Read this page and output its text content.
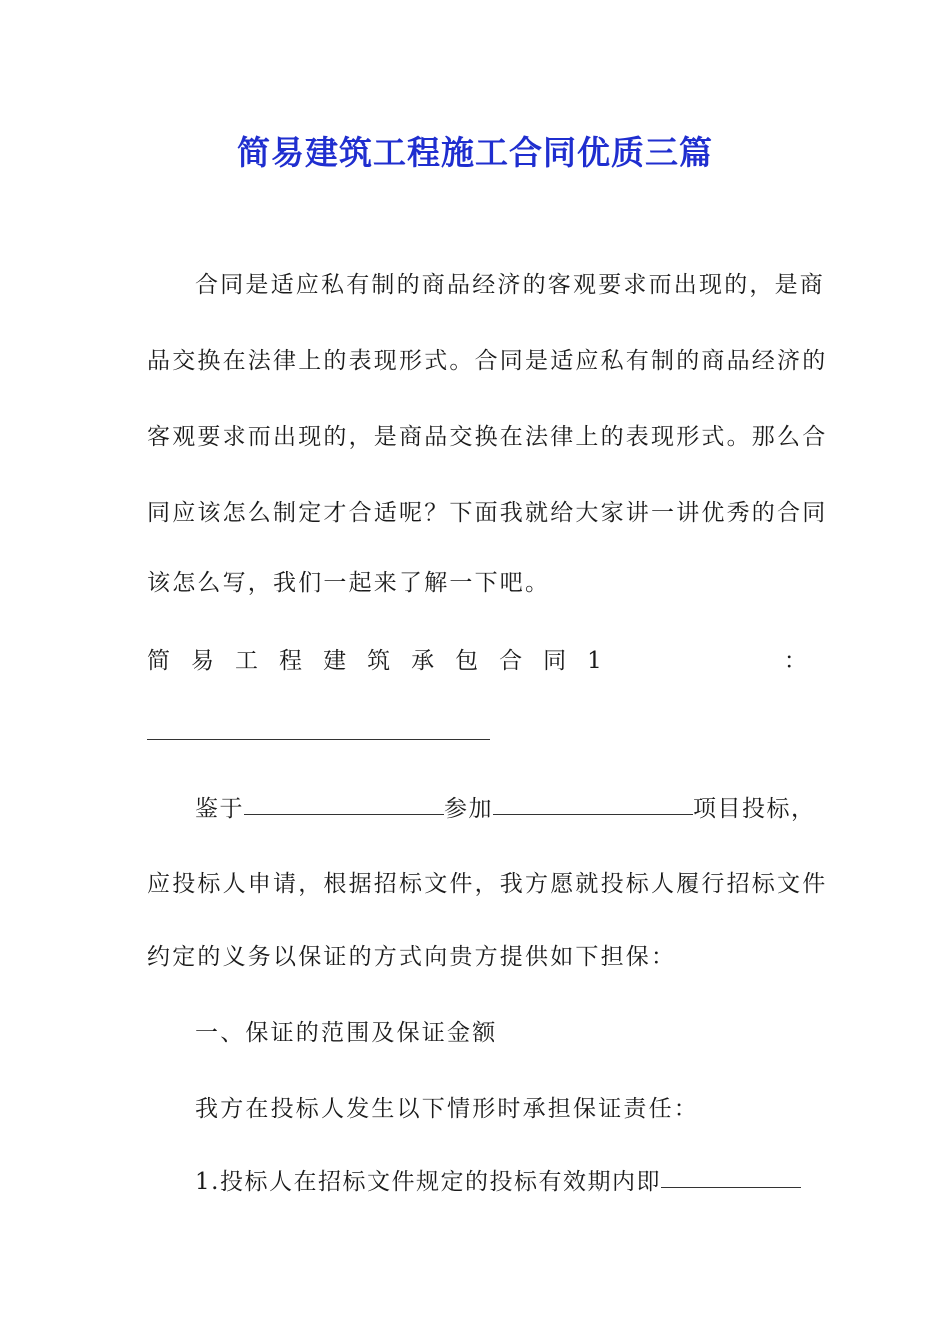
简易建筑工程施工合同优质三篇
合同是适应私有制的商品经济的客观要求而出现的，是商
品交换在法律上的表现形式。合同是适应私有制的商品经济的
客观要求而出现的，是商品交换在法律上的表现形式。那么合
同应该怎么制定才合适呢？下面我就给大家讲一讲优秀的合同
该怎么写，我们一起来了解一下吧。
简 易 工 程 建 筑 承 包 合 同 1	：
鉴于	参加	项目投标，
应投标人申请，根据招标文件，我方愿就投标人履行招标文件
约定的义务以保证的方式向贵方提供如下担保：
一、保证的范围及保证金额
我方在投标人发生以下情形时承担保证责任：
1.投标人在招标文件规定的投标有效期内即
